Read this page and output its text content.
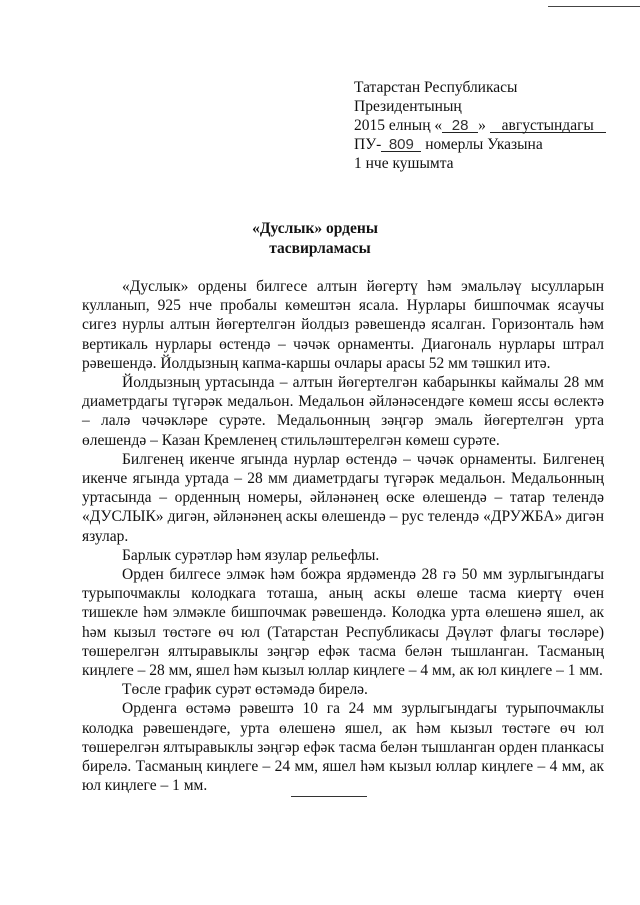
Татарстан Республикасы
Президентының
2015 елның « 28 » августындагы
ПУ- 809 номерлы Указына
1 нче кушымта
«Дуслык» ордены
тасвирламасы

«Дуслык» ордены билгесе алтын йөгертү һәм эмальләү ысулларын кулланып, 925 нче пробалы көмештән ясала. Нурлары бишпочмак ясаучы сигез нурлы алтын йөгертелгән йолдыз рәвешендә ясалган. Горизонталь һәм вертикаль нурлары өстендә – чәчәк орнаменты. Диагональ нурлары штрал рәвешендә. Йолдызның капма-каршы очлары арасы 52 мм тәшкил итә.

Йолдызның уртасында – алтын йөгертелгән кабарынкы каймалы 28 мм диаметрдагы түгәрәк медальон. Медальон әйләнәсендәге көмеш яссы өслектә – лалә чәчәкләре сурәте. Медальонның зәңгәр эмаль йөгертелгән урта өлешендә – Казан Кремленең стильләштерелгән көмеш сурәте.

Билгенең икенче ягында нурлар өстендә – чәчәк орнаменты. Билгенең икенче ягында уртада – 28 мм диаметрдагы түгәрәк медальон. Медальонның уртасында – орденның номеры, әйләнәнең өске өлешендә – татар телендә «ДУСЛЫК» дигән, әйләнәнең аскы өлешендә – рус телендә «ДРУЖБА» дигән язулар.

Барлык сурәтләр һәм язулар рельефлы.

Орден билгесе элмәк һәм божра ярдәмендә 28 гә 50 мм зурлыгындагы турыпочмаклы колодкага тоташа, аның аскы өлеше тасма киертү өчен тишекле һәм элмәкле бишпочмак рәвешендә. Колодка урта өлешенә яшел, ак һәм кызыл төстәге өч юл (Татарстан Республикасы Дәүләт флагы төсләре) төшерелгән ялтыравыклы зәңгәр ефәк тасма белән тышланган. Тасманың киңлеге – 28 мм, яшел һәм кызыл юллар киңлеге – 4 мм, ак юл киңлеге – 1 мм.

Төсле график сурәт өстәмәдә бирелә.

Орденга өстәмә рәвештә 10 га 24 мм зурлыгындагы турыпочмаклы колодка рәвешендәге, урта өлешенә яшел, ак һәм кызыл төстәге өч юл төшерелгән ялтыравыклы зәңгәр ефәк тасма белән тышланган орден планкасы бирелә. Тасманың киңлеге – 24 мм, яшел һәм кызыл юллар киңлеге – 4 мм, ак юл киңлеге – 1 мм.
